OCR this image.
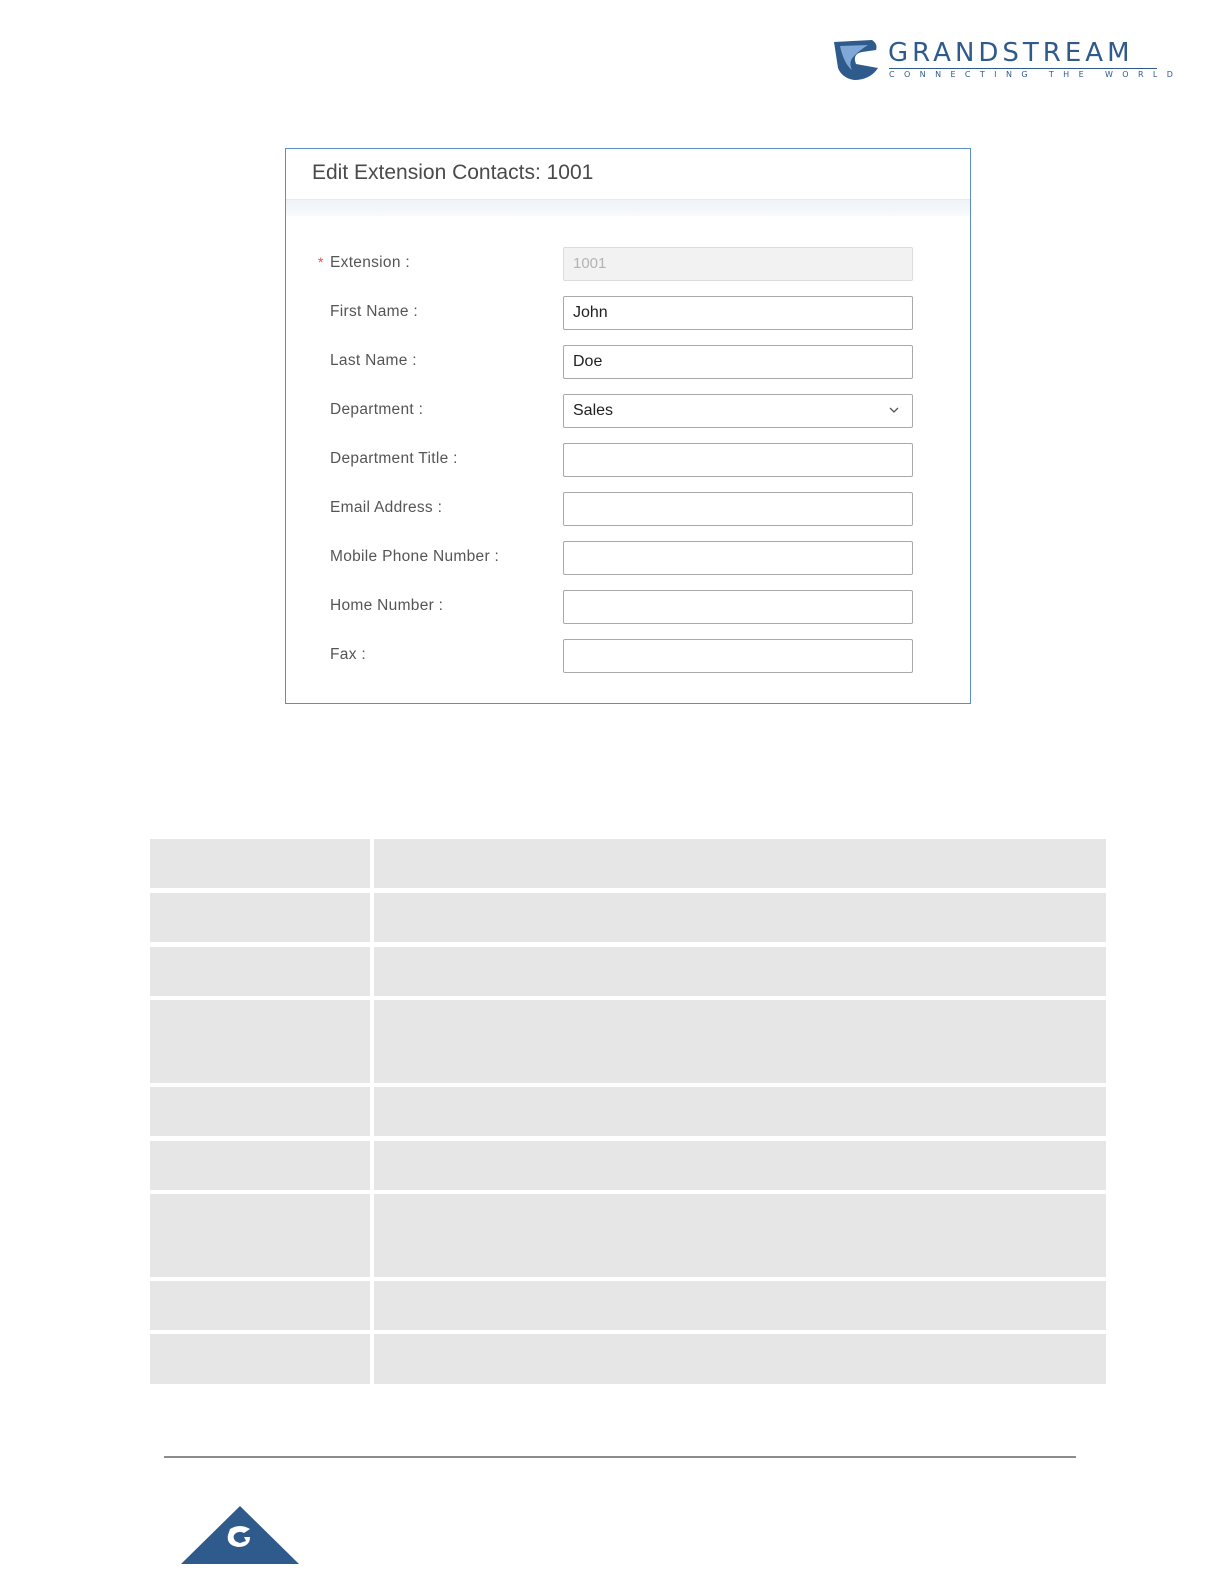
GRANDSTREAM
CONNECTING THE WORLD
Edit Extension Contacts: 1001
* Extension :	1001
First Name :	John
Last Name :	Doe
Department :	Sales
Department Title :
Email Address :
Mobile Phone Number :
Home Number :
Fax :
